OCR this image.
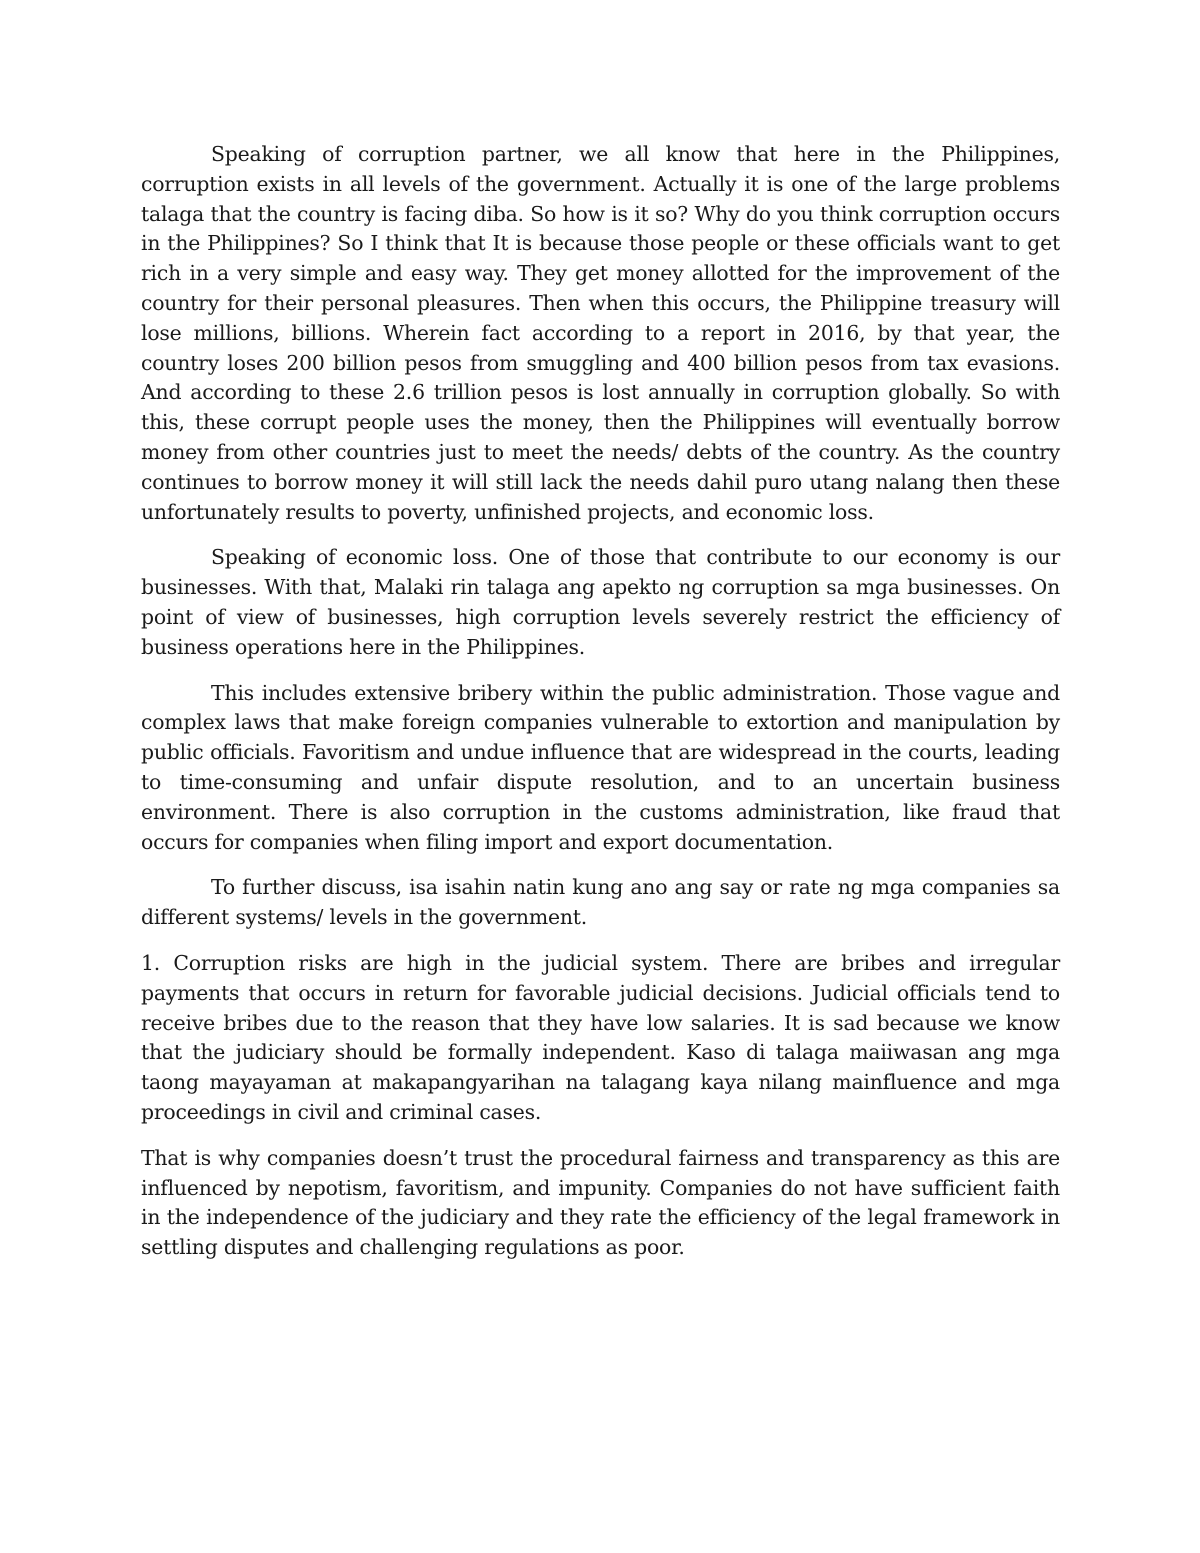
Speaking of corruption partner, we all know that here in the Philippines, corruption exists in all levels of the government. Actually it is one of the large problems talaga that the country is facing diba. So how is it so? Why do you think corruption occurs in the Philippines? So I think that It is because those people or these officials want to get rich in a very simple and easy way. They get money allotted for the improvement of the country for their personal pleasures. Then when this occurs, the Philippine treasury will lose millions, billions. Wherein fact according to a report in 2016, by that year, the country loses 200 billion pesos from smuggling and 400 billion pesos from tax evasions. And according to these 2.6 trillion pesos is lost annually in corruption globally. So with this, these corrupt people uses the money, then the Philippines will eventually borrow money from other countries just to meet the needs/ debts of the country. As the country continues to borrow money it will still lack the needs dahil puro utang nalang then these unfortunately results to poverty, unfinished projects, and economic loss.

Speaking of economic loss. One of those that contribute to our economy is our businesses. With that, Malaki rin talaga ang apekto ng corruption sa mga businesses. On point of view of businesses, high corruption levels severely restrict the efficiency of business operations here in the Philippines.

This includes extensive bribery within the public administration. Those vague and complex laws that make foreign companies vulnerable to extortion and manipulation by public officials. Favoritism and undue influence that are widespread in the courts, leading to time-consuming and unfair dispute resolution, and to an uncertain business environment. There is also corruption in the customs administration, like fraud that occurs for companies when filing import and export documentation.

To further discuss, isa isahin natin kung ano ang say or rate ng mga companies sa different systems/ levels in the government.

1. Corruption risks are high in the judicial system. There are bribes and irregular payments that occurs in return for favorable judicial decisions. Judicial officials tend to receive bribes due to the reason that they have low salaries. It is sad because we know that the judiciary should be formally independent. Kaso di talaga maiiwasan ang mga taong mayayaman at makapangyarihan na talagang kaya nilang mainfluence and mga proceedings in civil and criminal cases.

That is why companies doesn’t trust the procedural fairness and transparency as this are influenced by nepotism, favoritism, and impunity. Companies do not have sufficient faith in the independence of the judiciary and they rate the efficiency of the legal framework in settling disputes and challenging regulations as poor.
